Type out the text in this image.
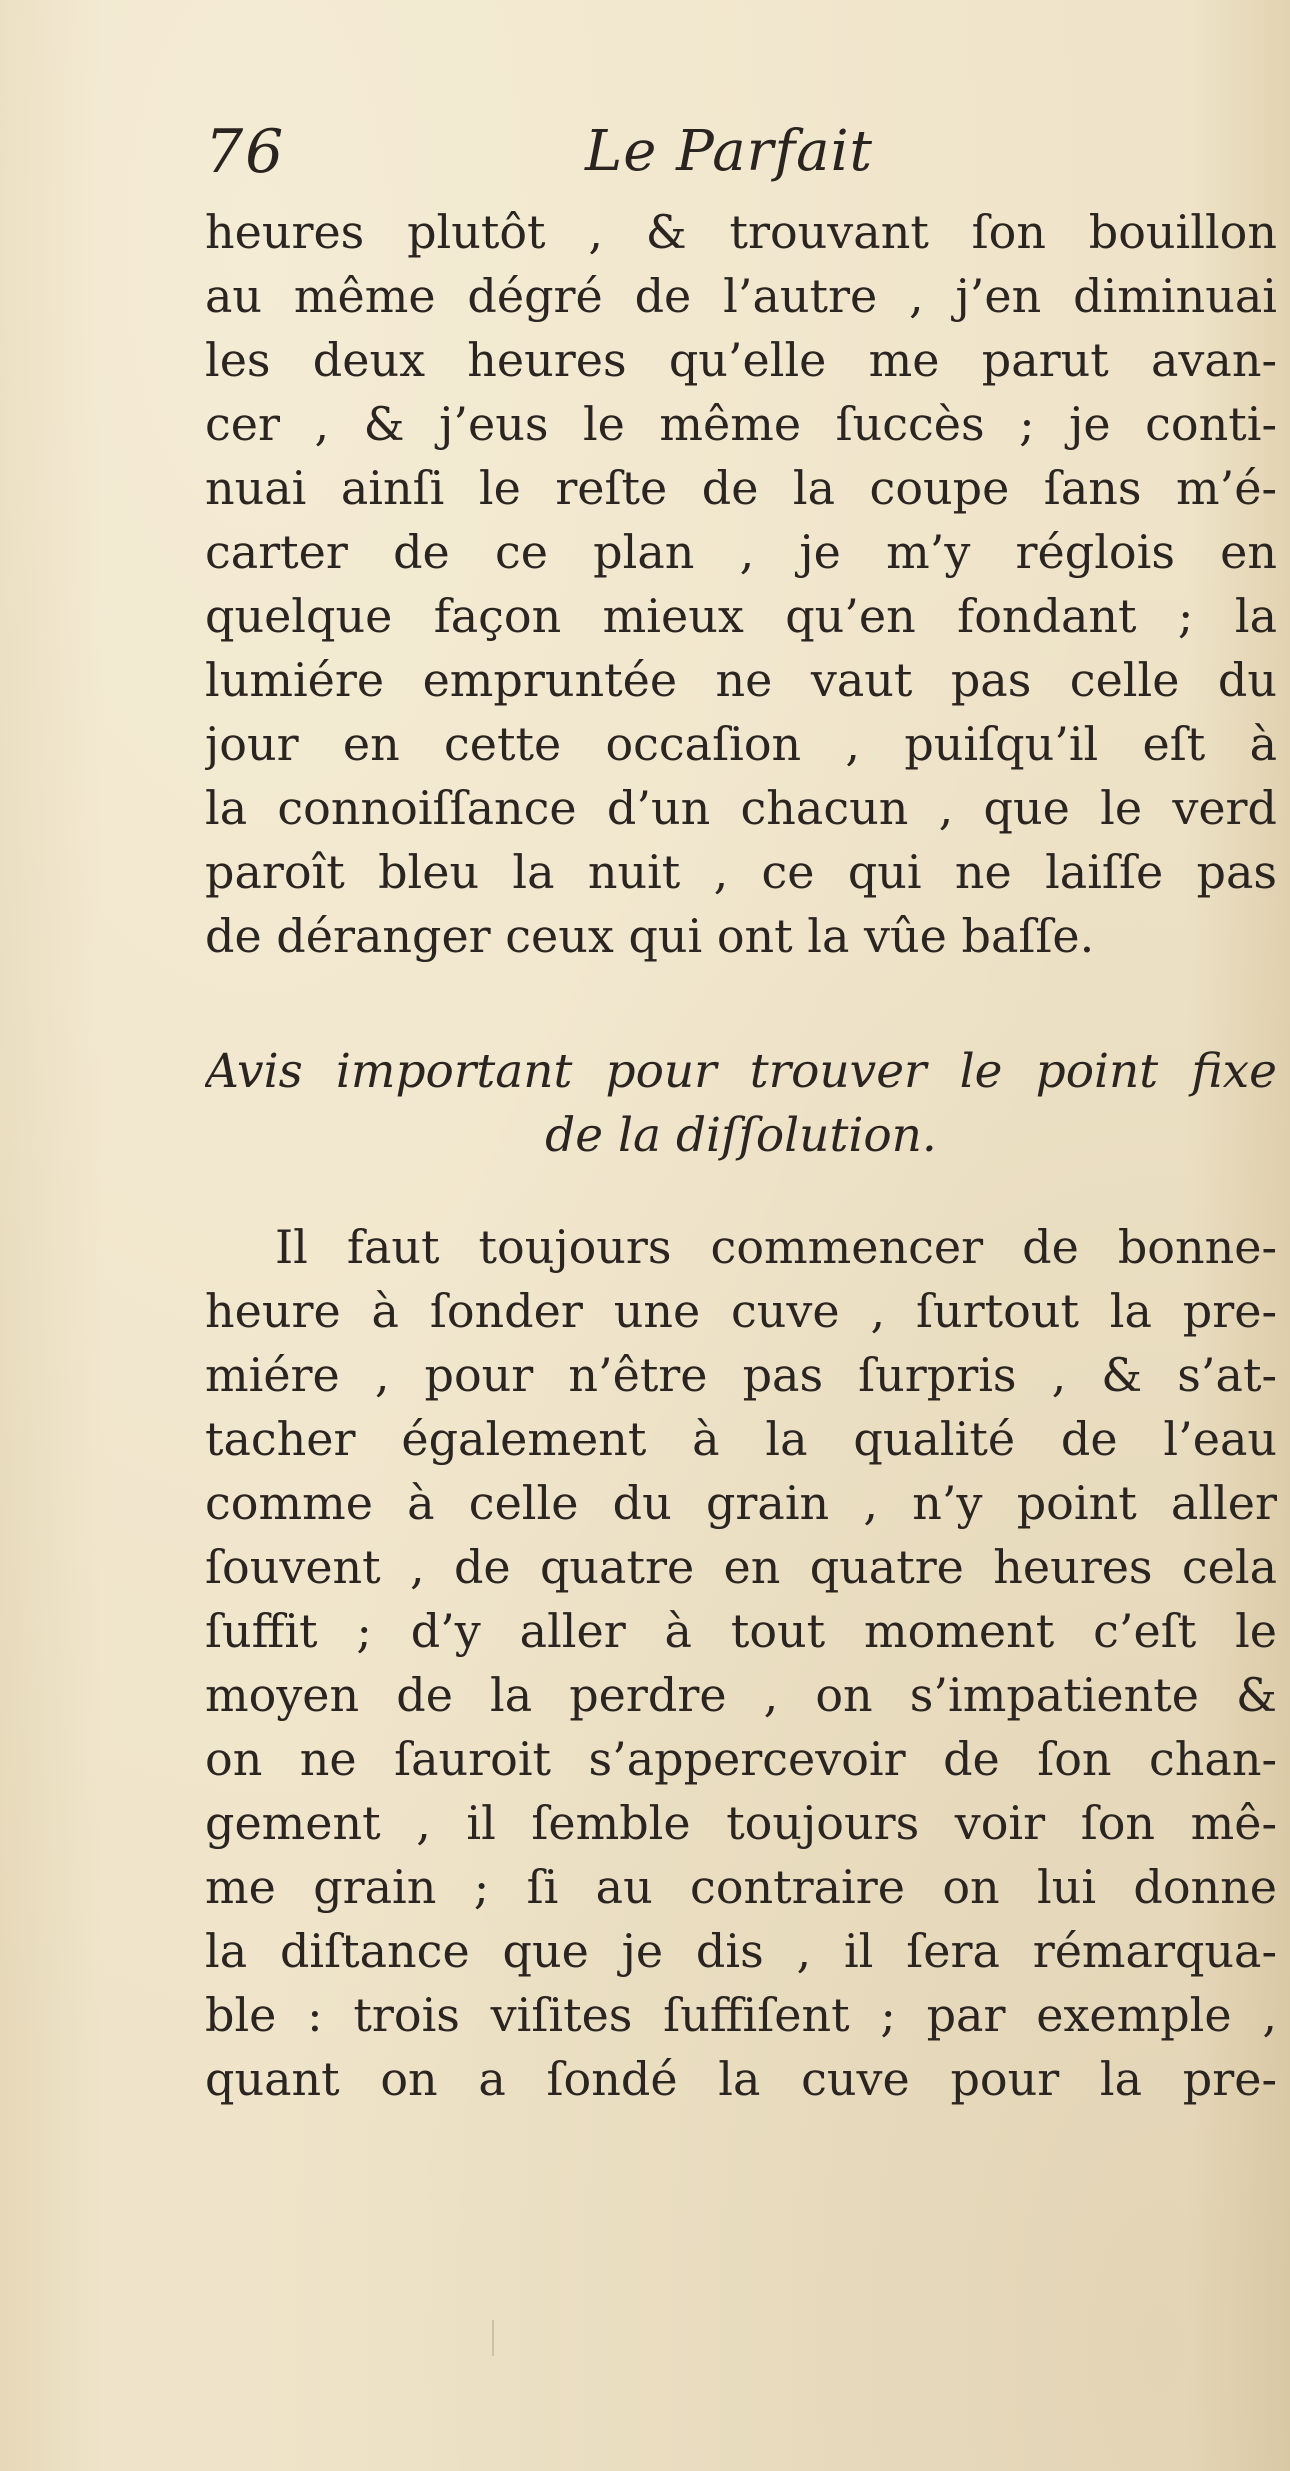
76	Le Parfait
heures plutôt , & trouvant ſon bouillon
au même dégré de l’autre , j’en diminuai
les deux heures qu’elle me parut avan-
cer , & j’eus le même ſuccès ; je conti-
nuai ainſi le reſte de la coupe ſans m’é-
carter de ce plan , je m’y réglois en
quelque façon mieux qu’en fondant ; la
lumiére empruntée ne vaut pas celle du
jour en cette occaſion , puiſqu’il eſt à
la connoiſſance d’un chacun , que le verd
paroît bleu la nuit , ce qui ne laiſſe pas
de déranger ceux qui ont la vûe baſſe.
Avis important pour trouver le point fixe
de la diſſolution.
Il faut toujours commencer de bonne-
heure à ſonder une cuve , ſurtout la pre-
miére , pour n’être pas ſurpris , & s’at-
tacher également à la qualité de l’eau
comme à celle du grain , n’y point aller
ſouvent , de quatre en quatre heures cela
ſuffit ; d’y aller à tout moment c’eſt le
moyen de la perdre , on s’impatiente &
on ne ſauroit s’appercevoir de ſon chan-
gement , il ſemble toujours voir ſon mê-
me grain ; ſi au contraire on lui donne
la diſtance que je dis , il ſera rémarqua-
ble : trois viſites ſuffiſent ; par exemple ,
quant on a ſondé la cuve pour la pre-
